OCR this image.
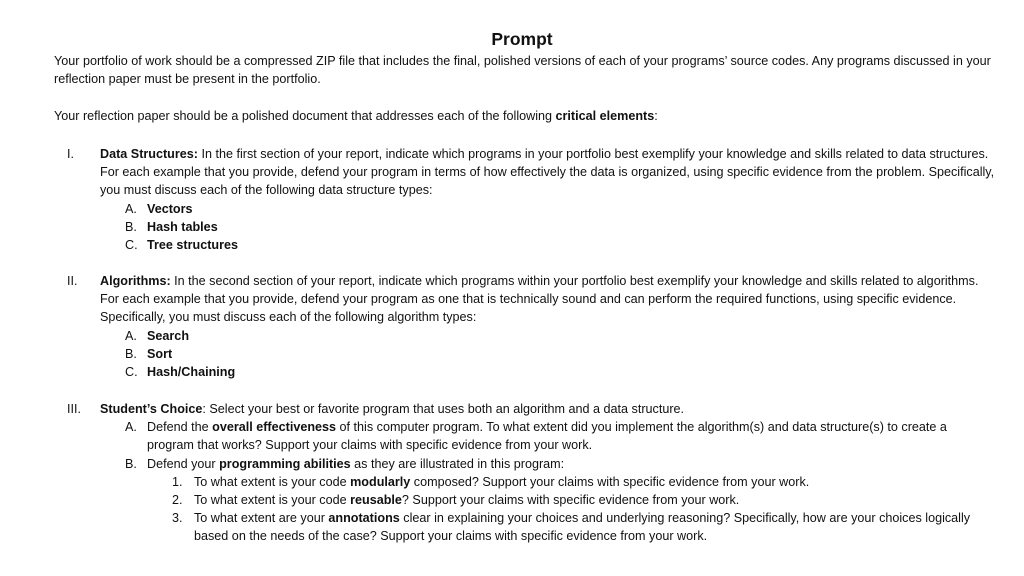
Prompt
Your portfolio of work should be a compressed ZIP file that includes the final, polished versions of each of your programs’ source codes. Any programs discussed in your reflection paper must be present in the portfolio.
Your reflection paper should be a polished document that addresses each of the following critical elements:
I. Data Structures: In the first section of your report, indicate which programs in your portfolio best exemplify your knowledge and skills related to data structures. For each example that you provide, defend your program in terms of how effectively the data is organized, using specific evidence from the problem. Specifically, you must discuss each of the following data structure types:
A. Vectors
B. Hash tables
C. Tree structures
II. Algorithms: In the second section of your report, indicate which programs within your portfolio best exemplify your knowledge and skills related to algorithms. For each example that you provide, defend your program as one that is technically sound and can perform the required functions, using specific evidence. Specifically, you must discuss each of the following algorithm types:
A. Search
B. Sort
C. Hash/Chaining
III. Student’s Choice: Select your best or favorite program that uses both an algorithm and a data structure.
A. Defend the overall effectiveness of this computer program. To what extent did you implement the algorithm(s) and data structure(s) to create a program that works? Support your claims with specific evidence from your work.
B. Defend your programming abilities as they are illustrated in this program:
1. To what extent is your code modularly composed? Support your claims with specific evidence from your work.
2. To what extent is your code reusable? Support your claims with specific evidence from your work.
3. To what extent are your annotations clear in explaining your choices and underlying reasoning? Specifically, how are your choices logically based on the needs of the case? Support your claims with specific evidence from your work.
